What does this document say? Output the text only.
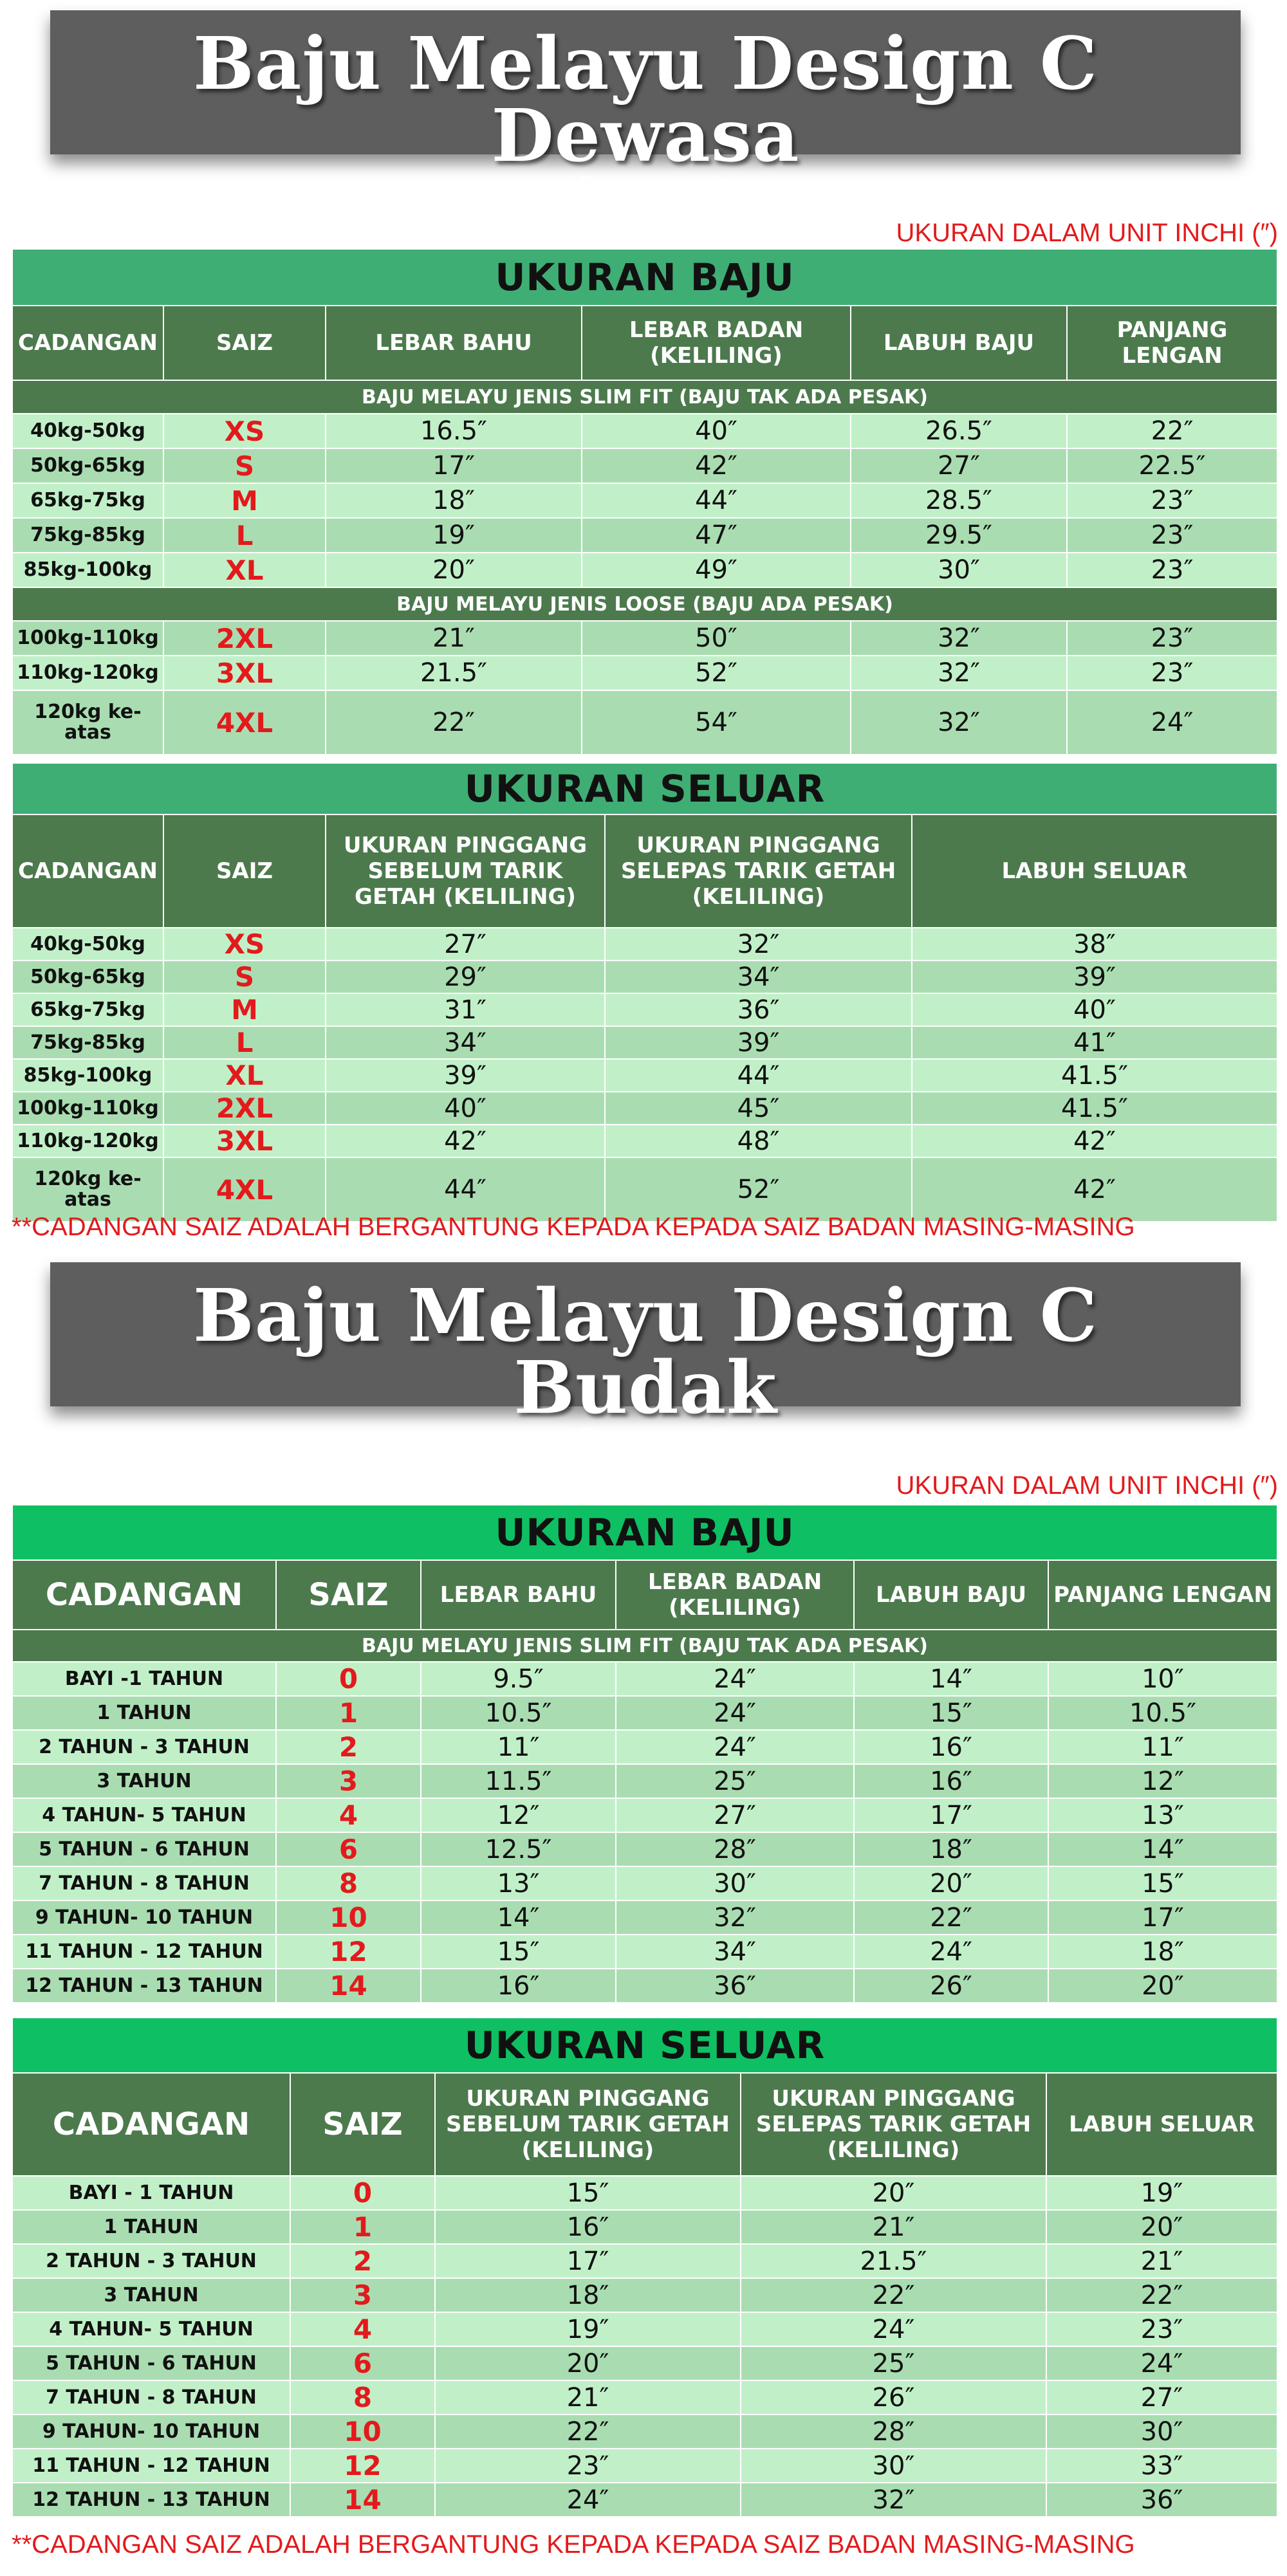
Baju Melayu Design C Dewasa
(Sepasang)
UKURAN DALAM UNIT INCHI (″)
UKURAN BAJU					
CADANGAN	SAIZ	LEBAR BAHU	LEBAR BADAN (KELILING)	LABUH BAJU	PANJANG LENGAN
BAJU MELAYU JENIS SLIM FIT (BAJU TAK ADA PESAK)					
40kg-50kg	XS	16.5″	40″	26.5″	22″
50kg-65kg	S	17″	42″	27″	22.5″
65kg-75kg	M	18″	44″	28.5″	23″
75kg-85kg	L	19″	47″	29.5″	23″
85kg-100kg	XL	20″	49″	30″	23″
BAJU MELAYU JENIS LOOSE (BAJU ADA PESAK)					
100kg-110kg	2XL	21″	50″	32″	23″
110kg-120kg	3XL	21.5″	52″	32″	23″
120kg ke-atas	4XL	22″	54″	32″	24″
UKURAN SELUAR				
CADANGAN	SAIZ	UKURAN PINGGANG SEBELUM TARIK GETAH (KELILING)	UKURAN PINGGANG SELEPAS TARIK GETAH (KELILING)	LABUH SELUAR
40kg-50kg	XS	27″	32″	38″
50kg-65kg	S	29″	34″	39″
65kg-75kg	M	31″	36″	40″
75kg-85kg	L	34″	39″	41″
85kg-100kg	XL	39″	44″	41.5″
100kg-110kg	2XL	40″	45″	41.5″
110kg-120kg	3XL	42″	48″	42″
120kg ke-atas	4XL	44″	52″	42″
**CADANGAN SAIZ ADALAH BERGANTUNG KEPADA KEPADA SAIZ BADAN MASING-MASING
Baju Melayu Design C Budak
(Sepasang)
UKURAN DALAM UNIT INCHI (″)
UKURAN BAJU					
CADANGAN	SAIZ	LEBAR BAHU	LEBAR BADAN (KELILING)	LABUH BAJU	PANJANG LENGAN
BAJU MELAYU JENIS SLIM FIT (BAJU TAK ADA PESAK)					
BAYI -1 TAHUN	0	9.5″	24″	14″	10″
1 TAHUN	1	10.5″	24″	15″	10.5″
2 TAHUN - 3 TAHUN	2	11″	24″	16″	11″
3 TAHUN	3	11.5″	25″	16″	12″
4 TAHUN- 5 TAHUN	4	12″	27″	17″	13″
5 TAHUN - 6 TAHUN	6	12.5″	28″	18″	14″
7 TAHUN - 8 TAHUN	8	13″	30″	20″	15″
9 TAHUN- 10 TAHUN	10	14″	32″	22″	17″
11 TAHUN - 12 TAHUN	12	15″	34″	24″	18″
12 TAHUN - 13 TAHUN	14	16″	36″	26″	20″
UKURAN SELUAR				
CADANGAN	SAIZ	UKURAN PINGGANG SEBELUM TARIK GETAH (KELILING)	UKURAN PINGGANG SELEPAS TARIK GETAH (KELILING)	LABUH SELUAR
BAYI - 1 TAHUN	0	15″	20″	19″
1 TAHUN	1	16″	21″	20″
2 TAHUN - 3 TAHUN	2	17″	21.5″	21″
3 TAHUN	3	18″	22″	22″
4 TAHUN- 5 TAHUN	4	19″	24″	23″
5 TAHUN - 6 TAHUN	6	20″	25″	24″
7 TAHUN - 8 TAHUN	8	21″	26″	27″
9 TAHUN- 10 TAHUN	10	22″	28″	30″
11 TAHUN - 12 TAHUN	12	23″	30″	33″
12 TAHUN - 13 TAHUN	14	24″	32″	36″
**CADANGAN SAIZ ADALAH BERGANTUNG KEPADA KEPADA SAIZ BADAN MASING-MASING
